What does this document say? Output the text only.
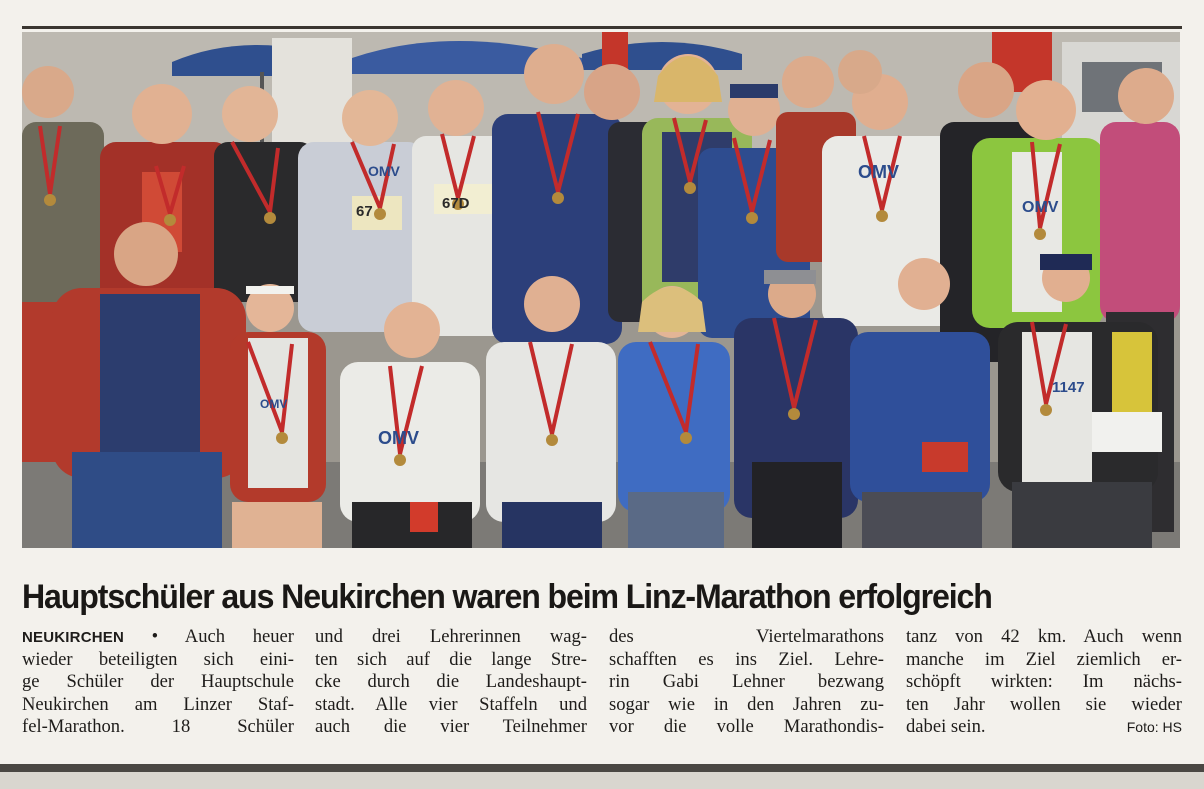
OMV	OMV
OMV
OMV
OMV
67	67D
1147
Hauptschüler aus Neukirchen waren beim Linz-Marathon erfolgreich
NEUKIRCHEN • Auch heuer
wieder beteiligten sich eini-
ge Schüler der Hauptschule
Neukirchen am Linzer Staf-
fel-Marathon. 18 Schüler
und drei Lehrerinnen wag-
ten sich auf die lange Stre-
cke durch die Landeshaupt-
stadt. Alle vier Staffeln und
auch die vier Teilnehmer
des Viertelmarathons
schafften es ins Ziel. Lehre-
rin Gabi Lehner bezwang
sogar wie in den Jahren zu-
vor die volle Marathondis-
tanz von 42 km. Auch wenn
manche im Ziel ziemlich er-
schöpft wirkten: Im nächs-
ten Jahr wollen sie wieder
dabei sein.	Foto: HS
